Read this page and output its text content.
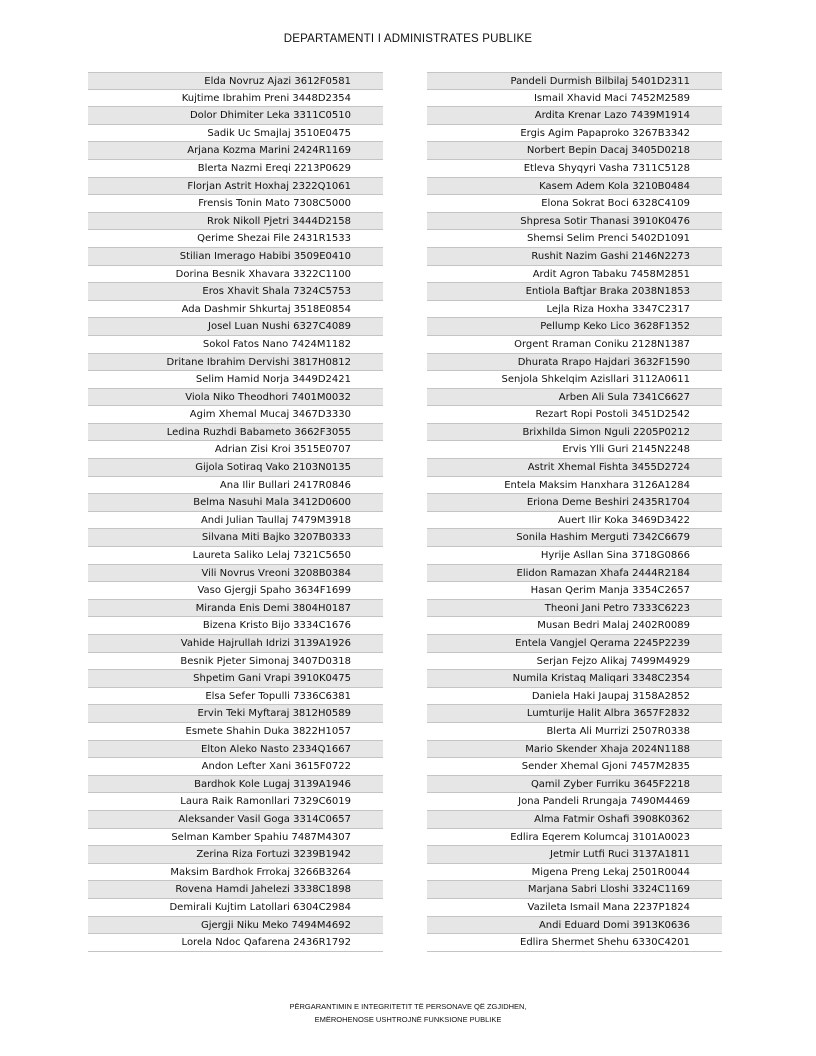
DEPARTAMENTI I ADMINISTRATES PUBLIKE
Elda Novruz Ajazi 3612F0581
Kujtime Ibrahim Preni 3448D2354
Dolor Dhimiter Leka 3311C0510
Sadik Uc Smajlaj 3510E0475
Arjana Kozma Marini 2424R1169
Blerta Nazmi Ereqi 2213P0629
Florjan Astrit Hoxhaj 2322Q1061
Frensis Tonin Mato 7308C5000
Rrok Nikoll Pjetri 3444D2158
Qerime Shezai File 2431R1533
Stilian Imerago Habibi 3509E0410
Dorina Besnik Xhavara 3322C1100
Eros Xhavit Shala 7324C5753
Ada Dashmir Shkurtaj 3518E0854
Josel Luan Nushi 6327C4089
Sokol Fatos Nano 7424M1182
Dritane Ibrahim Dervishi 3817H0812
Selim Hamid Norja 3449D2421
Viola Niko Theodhori 7401M0032
Agim Xhemal Mucaj 3467D3330
Ledina Ruzhdi Babameto 3662F3055
Adrian Zisi Kroi 3515E0707
Gijola Sotiraq Vako 2103N0135
Ana Ilir Bullari 2417R0846
Belma Nasuhi Mala 3412D0600
Andi Julian Taullaj 7479M3918
Silvana Miti Bajko 3207B0333
Laureta Saliko Lelaj 7321C5650
Vili Novrus Vreoni 3208B0384
Vaso Gjergji Spaho 3634F1699
Miranda Enis Demi 3804H0187
Bizena Kristo Bijo 3334C1676
Vahide Hajrullah Idrizi 3139A1926
Besnik Pjeter Simonaj 3407D0318
Shpetim Gani Vrapi 3910K0475
Elsa Sefer Topulli 7336C6381
Ervin Teki Myftaraj 3812H0589
Esmete Shahin Duka 3822H1057
Elton Aleko Nasto 2334Q1667
Andon Lefter Xani 3615F0722
Bardhok Kole Lugaj 3139A1946
Laura Raik Ramonllari 7329C6019
Aleksander Vasil Goga 3314C0657
Selman Kamber Spahiu 7487M4307
Zerina Riza Fortuzi 3239B1942
Maksim Bardhok Frrokaj 3266B3264
Rovena Hamdi Jahelezi 3338C1898
Demirali Kujtim Latollari 6304C2984
Gjergji Niku Meko 7494M4692
Lorela Ndoc Qafarena 2436R1792
Pandeli Durmish Bilbilaj 5401D2311
Ismail Xhavid Maci 7452M2589
Ardita Krenar Lazo 7439M1914
Ergis Agim Papaproko 3267B3342
Norbert Bepin Dacaj 3405D0218
Etleva Shyqyri Vasha 7311C5128
Kasem Adem Kola 3210B0484
Elona Sokrat Boci 6328C4109
Shpresa Sotir Thanasi 3910K0476
Shemsi Selim Prenci 5402D1091
Rushit Nazim Gashi 2146N2273
Ardit Agron Tabaku 7458M2851
Entiola Baftjar Braka 2038N1853
Lejla Riza Hoxha 3347C2317
Pellump Keko Lico 3628F1352
Orgent Rraman Coniku 2128N1387
Dhurata Rrapo Hajdari 3632F1590
Senjola Shkelqim Azisllari 3112A0611
Arben Ali Sula 7341C6627
Rezart Ropi Postoli 3451D2542
Brixhilda Simon Nguli 2205P0212
Ervis Ylli Guri 2145N2248
Astrit Xhemal Fishta 3455D2724
Entela Maksim Hanxhara 3126A1284
Eriona Deme Beshiri 2435R1704
Auert Ilir Koka 3469D3422
Sonila Hashim Merguti 7342C6679
Hyrije Asllan Sina 3718G0866
Elidon Ramazan Xhafa 2444R2184
Hasan Qerim Manja 3354C2657
Theoni Jani Petro 7333C6223
Musan Bedri Malaj 2402R0089
Entela Vangjel Qerama 2245P2239
Serjan Fejzo Alikaj 7499M4929
Numila Kristaq Maliqari 3348C2354
Daniela Haki Jaupaj 3158A2852
Lumturije Halit Albra 3657F2832
Blerta Ali Murrizi 2507R0338
Mario Skender Xhaja 2024N1188
Sender Xhemal Gjoni 7457M2835
Qamil Zyber Furriku 3645F2218
Jona Pandeli Rrungaja 7490M4469
Alma Fatmir Oshafi 3908K0362
Edlira Eqerem Kolumcaj 3101A0023
Jetmir Lutfi Ruci 3137A1811
Migena Preng Lekaj 2501R0044
Marjana Sabri Lloshi 3324C1169
Vazileta Ismail Mana 2237P1824
Andi Eduard Domi 3913K0636
Edlira Shermet Shehu 6330C4201
PËRGARANTIMIN E INTEGRITETIT TË PERSONAVE QË ZGJIDHEN,
EMËROHENOSE USHTROJNË FUNKSIONE PUBLIKE
